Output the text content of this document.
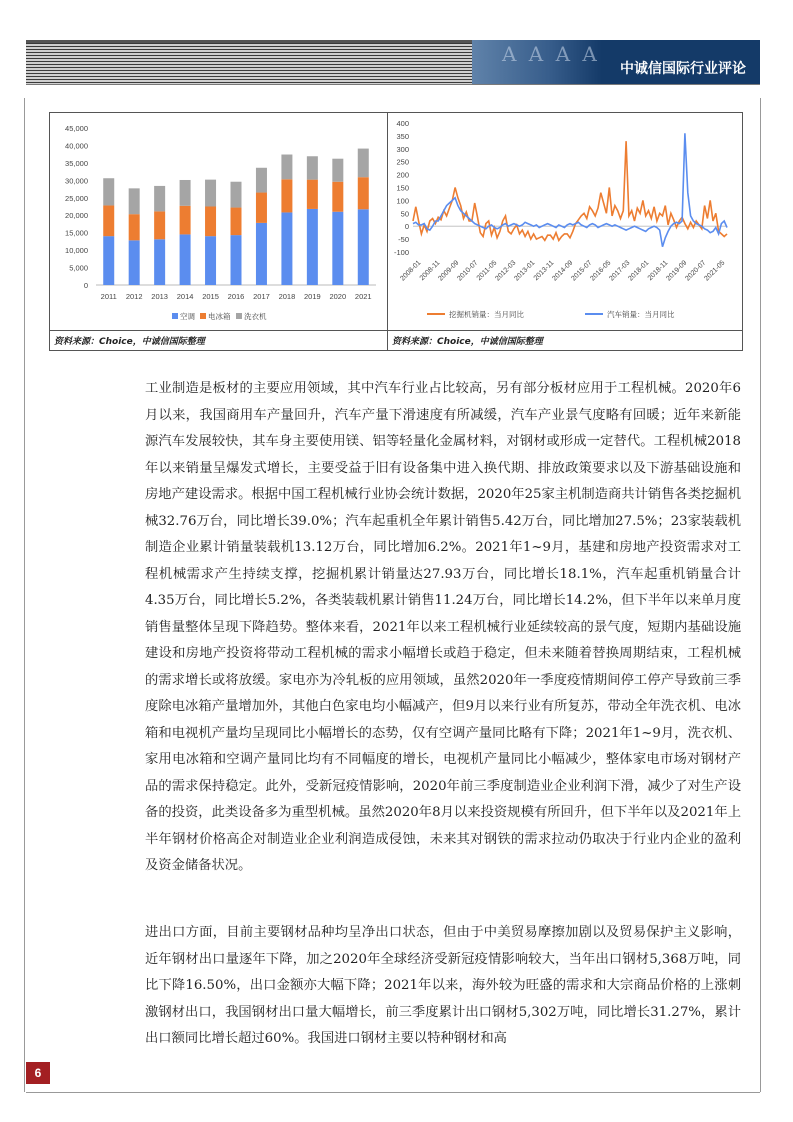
A A A A
中诚信国际行业评论
0
5,000
10,000
15,000
20,000
25,000
30,000
35,000
40,000
45,000
2011 2012 2013 2014 2015 2016 2017 2018 2019 2020 2021
空调 电冰箱 洗衣机
-100
-50
0
50
100
150
200
250
300
350
400
2008-01
2008-11
2009-09
2010-07
2011-05
2012-03
2013-01
2013-11
2014-09
2015-07
2016-05
2017-03
2018-01
2018-11
2019-09
2020-07
2021-05
挖掘机销量：当月同比	汽车销量：当月同比
资料来源：Choice，中诚信国际整理	资料来源：Choice，中诚信国际整理

工业制造是板材的主要应用领域，其中汽车行业占比较高，另有部分板材应用于工程机械。2020年6月以来，我国商用车产量回升，汽车产量下滑速度有所减缓，汽车产业景气度略有回暖；近年来新能源汽车发展较快，其车身主要使用镁、铝等轻量化金属材料，对钢材或形成一定替代。工程机械2018年以来销量呈爆发式增长，主要受益于旧有设备集中进入换代期、排放政策要求以及下游基础设施和房地产建设需求。根据中国工程机械行业协会统计数据，2020年25家主机制造商共计销售各类挖掘机械32.76万台，同比增长39.0%；汽车起重机全年累计销售5.42万台，同比增加27.5%；23家装载机制造企业累计销量装载机13.12万台，同比增加6.2%。2021年1~9月，基建和房地产投资需求对工程机械需求产生持续支撑，挖掘机累计销量达27.93万台，同比增长18.1%，汽车起重机销量合计4.35万台，同比增长5.2%，各类装载机累计销售11.24万台，同比增长14.2%，但下半年以来单月度销售量整体呈现下降趋势。整体来看，2021年以来工程机械行业延续较高的景气度，短期内基础设施建设和房地产投资将带动工程机械的需求小幅增长或趋于稳定，但未来随着替换周期结束，工程机械的需求增长或将放缓。家电亦为冷轧板的应用领域，虽然2020年一季度疫情期间停工停产导致前三季度除电冰箱产量增加外，其他白色家电均小幅减产，但9月以来行业有所复苏，带动全年洗衣机、电冰箱和电视机产量均呈现同比小幅增长的态势，仅有空调产量同比略有下降；2021年1~9月，洗衣机、家用电冰箱和空调产量同比均有不同幅度的增长，电视机产量同比小幅减少，整体家电市场对钢材产品的需求保持稳定。此外，受新冠疫情影响，2020年前三季度制造业企业利润下滑，减少了对生产设备的投资，此类设备多为重型机械。虽然2020年8月以来投资规模有所回升，但下半年以及2021年上半年钢材价格高企对制造业企业利润造成侵蚀，未来其对钢铁的需求拉动仍取决于行业内企业的盈利及资金储备状况。

进出口方面，目前主要钢材品种均呈净出口状态，但由于中美贸易摩擦加剧以及贸易保护主义影响，近年钢材出口量逐年下降，加之2020年全球经济受新冠疫情影响较大，当年出口钢材5,368万吨，同比下降16.50%，出口金额亦大幅下降；2021年以来，海外较为旺盛的需求和大宗商品价格的上涨刺激钢材出口，我国钢材出口量大幅增长，前三季度累计出口钢材5,302万吨，同比增长31.27%，累计出口额同比增长超过60%。我国进口钢材主要以特种钢材和高

6
